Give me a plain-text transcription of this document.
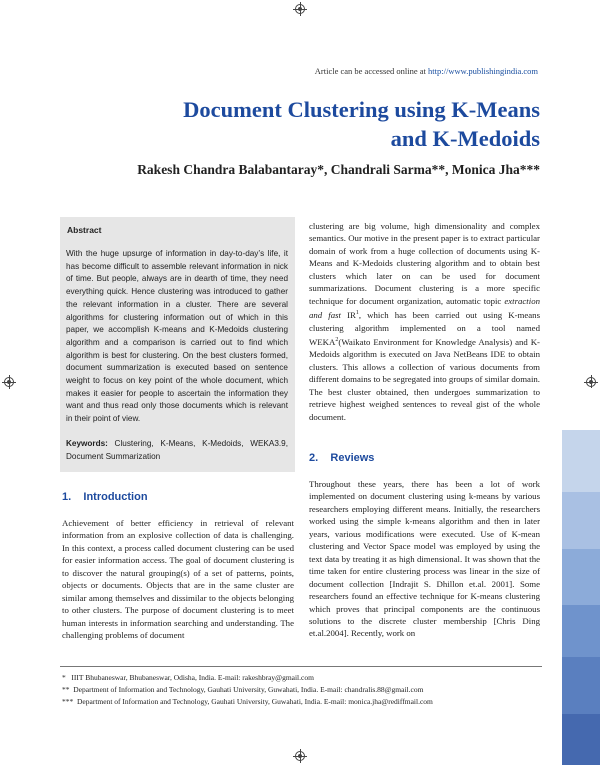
Article can be accessed online at http://www.publishingindia.com
Document Clustering using K-Means
and K-Medoids
Rakesh Chandra Balabantaray*, Chandrali Sarma**, Monica Jha***
Abstract
With the huge upsurge of information in day-to-day’s life, it has become difficult to assemble relevant information in nick of time. But people, always are in dearth of time, they need everything quick. Hence clustering was introduced to gather the relevant information in a cluster. There are several algorithms for clustering information out of which in this paper, we accomplish K-means and K-Medoids clustering algorithm and a comparison is carried out to find which algorithm is best for clustering. On the best clusters formed, document summarization is executed based on sentence weight to focus on key point of the whole document, which makes it easier for people to ascertain the information they want and thus read only those documents which is relevant in their point of view.
Keywords: Clustering, K-Means, K-Medoids, WEKA3.9, Document Summarization
1.    Introduction
Achievement of better efficiency in retrieval of relevant information from an explosive collection of data is challenging. In this context, a process called document clustering can be used for easier information access. The goal of document clustering is to discover the natural grouping(s) of a set of patterns, points, objects or documents. Objects that are in the same cluster are similar among themselves and dissimilar to the objects belonging to other clusters. The purpose of document clustering is to meet human interests in information searching and understanding. The challenging problems of document
clustering are big volume, high dimensionality and complex semantics. Our motive in the present paper is to extract particular domain of work from a huge collection of documents using K-Means and K-Medoids clustering algorithm and to obtain best clusters which later on can be used for document summarizations. Document clustering is a more specific technique for document organization, automatic topic extraction and fast $IR^1$, which has been carried out using K-means clustering algorithm implemented on a tool named WEKA$^2$(Waikato Environment for Knowledge Analysis) and K-Medoids algorithm is executed on Java NetBeans IDE to obtain clusters. This allows a collection of various documents from different domains to be segregated into groups of similar domain. The best cluster obtained, then undergoes summarization to retrieve highest weighed sentences to reveal gist of the whole document.
2.    Reviews
Throughout these years, there has been a lot of work implemented on document clustering using k-means by various researchers employing different means. Initially, the researchers worked using the simple k-means algorithm and then in later years, various modifications were executed. Use of K-mean clustering and Vector Space model was employed by using the text data by treating it as high dimensional. It was shown that the time taken for entire clustering process was linear in the size of document collection [Indrajit S. Dhillon et.al. 2001]. Some researchers found an effective technique for K-means clustering which proves that principal components are the continuous solutions to the discrete cluster membership [Chris Ding et.al.2004]. Recently, work on
*   IIIT Bhubaneswar, Bhubaneswar, Odisha, India. E-mail: rakeshbray@gmail.com
**  Department of Information and Technology, Gauhati University, Guwahati, India. E-mail: chandralis.88@gmail.com
***  Department of Information and Technology, Gauhati University, Guwahati, India. E-mail: monica.jha@rediffmail.com
